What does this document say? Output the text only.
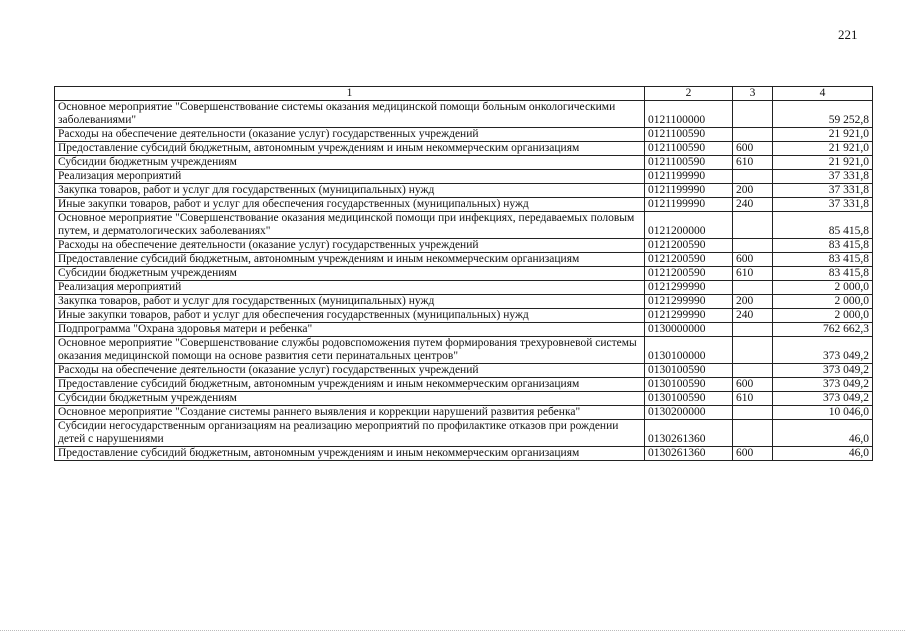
221
1	2	3	4
Основное мероприятие "Совершенствование системы оказания медицинской помощи больным онкологическими заболеваниями"	0121100000		59 252,8
Расходы на обеспечение деятельности (оказание услуг) государственных учреждений	0121100590		21 921,0
Предоставление субсидий бюджетным, автономным учреждениям и иным некоммерческим организациям	0121100590	600	21 921,0
Субсидии бюджетным учреждениям	0121100590	610	21 921,0
Реализация мероприятий	0121199990		37 331,8
Закупка товаров, работ и услуг для государственных (муниципальных) нужд	0121199990	200	37 331,8
Иные закупки товаров, работ и услуг для обеспечения государственных (муниципальных) нужд	0121199990	240	37 331,8
Основное мероприятие "Совершенствование оказания медицинской помощи при инфекциях, передаваемых половым путем, и дерматологических заболеваниях"	0121200000		85 415,8
Расходы на обеспечение деятельности (оказание услуг) государственных учреждений	0121200590		83 415,8
Предоставление субсидий бюджетным, автономным учреждениям и иным некоммерческим организациям	0121200590	600	83 415,8
Субсидии бюджетным учреждениям	0121200590	610	83 415,8
Реализация мероприятий	0121299990		2 000,0
Закупка товаров, работ и услуг для государственных (муниципальных) нужд	0121299990	200	2 000,0
Иные закупки товаров, работ и услуг для обеспечения государственных (муниципальных) нужд	0121299990	240	2 000,0
Подпрограмма "Охрана здоровья матери и ребенка"	0130000000		762 662,3
Основное мероприятие "Совершенствование службы родовспоможения путем формирования трехуровневой системы оказания медицинской помощи на основе развития сети перинатальных центров"	0130100000		373 049,2
Расходы на обеспечение деятельности (оказание услуг) государственных учреждений	0130100590		373 049,2
Предоставление субсидий бюджетным, автономным учреждениям и иным некоммерческим организациям	0130100590	600	373 049,2
Субсидии бюджетным учреждениям	0130100590	610	373 049,2
Основное мероприятие "Создание системы раннего выявления и коррекции нарушений развития ребенка"	0130200000		10 046,0
Субсидии негосударственным организациям на реализацию мероприятий по профилактике отказов при рождении детей с нарушениями	0130261360		46,0
Предоставление субсидий бюджетным, автономным учреждениям и иным некоммерческим организациям	0130261360	600	46,0
